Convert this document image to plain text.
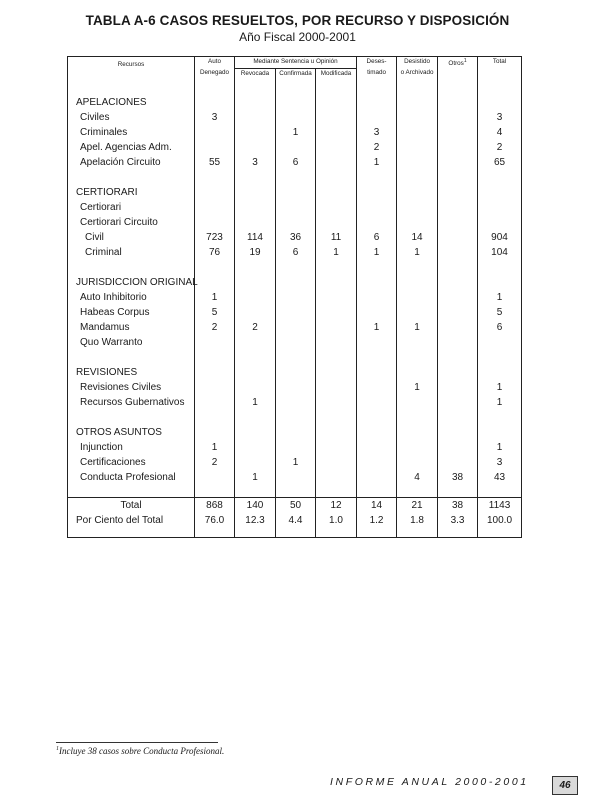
TABLA A-6 CASOS RESUELTOS, POR RECURSO Y DISPOSICIÓN
Año Fiscal 2000-2001
Recursos	Auto	Mediante Sentencia u Opinión			Deses-	Desistido	Otros$^1$	Total
	Denegado	Revocada	Confirmada	Modificada	timado	o Archivado		

APELACIONES								
Civiles	3							3
Criminales			1		3			4
Apel. Agencias Adm.					2			2
Apelación Circuito	55	3	6		1			65

CERTIORARI								
Certiorari								
Certiorari Circuito								
Civil	723	114	36	11	6	14		904
Criminal	76	19	6	1	1	1		104

JURISDICCION ORIGINAL								
Auto Inhibitorio	1							1
Habeas Corpus	5							5
Mandamus	2	2			1	1		6
Quo Warranto								

REVISIONES								
Revisiones Civiles						1		1
Recursos Gubernativos		1						1

OTROS ASUNTOS								
Injunction	1							1
Certificaciones	2		1					3
Conducta Profesional		1				4	38	43

Total	868	140	50	12	14	21	38	1143
Por Ciento del Total	76.0	12.3	4.4	1.0	1.2	1.8	3.3	100.0

$^1$Incluye 38 casos sobre Conducta Profesional.
INFORME ANUAL 2000-2001	46
